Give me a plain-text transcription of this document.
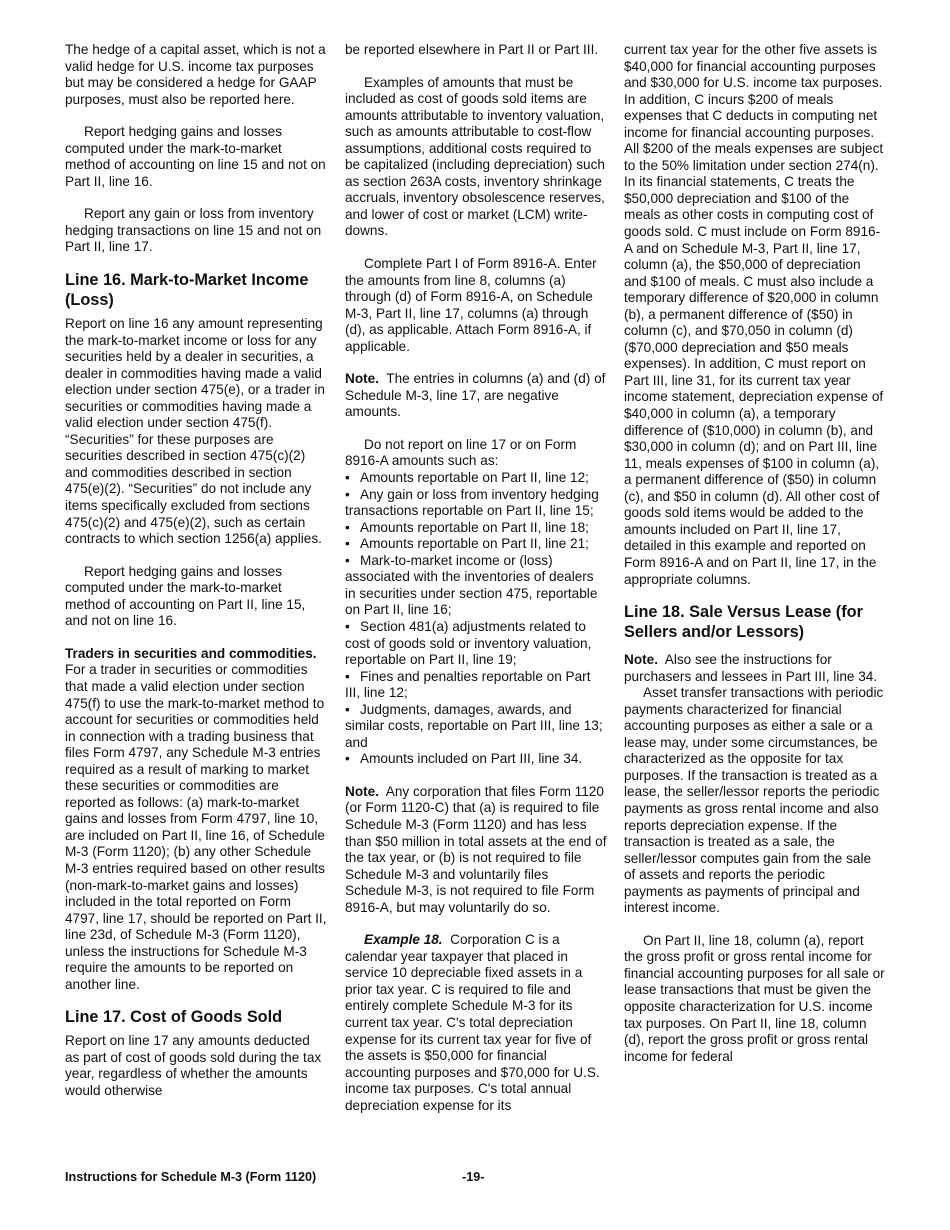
The hedge of a capital asset, which is not a valid hedge for U.S. income tax purposes but may be considered a hedge for GAAP purposes, must also be reported here.

Report hedging gains and losses computed under the mark-to-market method of accounting on line 15 and not on Part II, line 16.

Report any gain or loss from inventory hedging transactions on line 15 and not on Part II, line 17.

Line 16. Mark-to-Market Income (Loss)

Report on line 16 any amount representing the mark-to-market income or loss for any securities held by a dealer in securities, a dealer in commodities having made a valid election under section 475(e), or a trader in securities or commodities having made a valid election under section 475(f). “Securities” for these purposes are securities described in section 475(c)(2) and commodities described in section 475(e)(2). “Securities” do not include any items specifically excluded from sections 475(c)(2) and 475(e)(2), such as certain contracts to which section 1256(a) applies.

Report hedging gains and losses computed under the mark-to-market method of accounting on Part II, line 15, and not on line 16.

Traders in securities and commodities.  For a trader in securities or commodities that made a valid election under section 475(f) to use the mark-to-market method to account for securities or commodities held in connection with a trading business that files Form 4797, any Schedule M-3 entries required as a result of marking to market these securities or commodities are reported as follows: (a) mark-to-market gains and losses from Form 4797, line 10, are included on Part II, line 16, of Schedule M-3 (Form 1120); (b) any other Schedule M-3 entries required based on other results (non-mark-to-market gains and losses) included in the total reported on Form 4797, line 17, should be reported on Part II, line 23d, of Schedule M-3 (Form 1120), unless the instructions for Schedule M-3 require the amounts to be reported on another line.

Line 17. Cost of Goods Sold

Report on line 17 any amounts deducted as part of cost of goods sold during the tax year, regardless of whether the amounts would otherwise

be reported elsewhere in Part II or Part III.

Examples of amounts that must be included as cost of goods sold items are amounts attributable to inventory valuation, such as amounts attributable to cost-flow assumptions, additional costs required to be capitalized (including depreciation) such as section 263A costs, inventory shrinkage accruals, inventory obsolescence reserves, and lower of cost or market (LCM) write-downs.

Complete Part I of Form 8916-A. Enter the amounts from line 8, columns (a) through (d) of Form 8916-A, on Schedule M-3, Part II, line 17, columns (a) through (d), as applicable. Attach Form 8916-A, if applicable.

Note. The entries in columns (a) and (d) of Schedule M-3, line 17, are negative amounts.

Do not report on line 17 or on Form 8916-A amounts such as:

• Amounts reportable on Part II, line 12;
• Any gain or loss from inventory hedging transactions reportable on Part II, line 15;
• Amounts reportable on Part II, line 18;
• Amounts reportable on Part II, line 21;
• Mark-to-market income or (loss) associated with the inventories of dealers in securities under section 475, reportable on Part II, line 16;
• Section 481(a) adjustments related to cost of goods sold or inventory valuation, reportable on Part II, line 19;
• Fines and penalties reportable on Part III, line 12;
• Judgments, damages, awards, and similar costs, reportable on Part III, line 13; and
• Amounts included on Part III, line 34.

Note. Any corporation that files Form 1120 (or Form 1120-C) that (a) is required to file Schedule M-3 (Form 1120) and has less than $50 million in total assets at the end of the tax year, or (b) is not required to file Schedule M-3 and voluntarily files Schedule M-3, is not required to file Form 8916-A, but may voluntarily do so.

Example 18. Corporation C is a calendar year taxpayer that placed in service 10 depreciable fixed assets in a prior tax year. C is required to file and entirely complete Schedule M-3 for its current tax year. C's total depreciation expense for its current tax year for five of the assets is $50,000 for financial accounting purposes and $70,000 for U.S. income tax purposes. C's total annual depreciation expense for its

current tax year for the other five assets is $40,000 for financial accounting purposes and $30,000 for U.S. income tax purposes. In addition, C incurs $200 of meals expenses that C deducts in computing net income for financial accounting purposes. All $200 of the meals expenses are subject to the 50% limitation under section 274(n). In its financial statements, C treats the $50,000 depreciation and $100 of the meals as other costs in computing cost of goods sold. C must include on Form 8916-A and on Schedule M-3, Part II, line 17, column (a), the $50,000 of depreciation and $100 of meals. C must also include a temporary difference of $20,000 in column (b), a permanent difference of ($50) in column (c), and $70,050 in column (d) ($70,000 depreciation and $50 meals expenses). In addition, C must report on Part III, line 31, for its current tax year income statement, depreciation expense of $40,000 in column (a), a temporary difference of ($10,000) in column (b), and $30,000 in column (d); and on Part III, line 11, meals expenses of $100 in column (a), a permanent difference of ($50) in column (c), and $50 in column (d). All other cost of goods sold items would be added to the amounts included on Part II, line 17, detailed in this example and reported on Form 8916-A and on Part II, line 17, in the appropriate columns.

Line 18. Sale Versus Lease (for Sellers and/or Lessors)

Note. Also see the instructions for purchasers and lessees in Part III, line 34.

Asset transfer transactions with periodic payments characterized for financial accounting purposes as either a sale or a lease may, under some circumstances, be characterized as the opposite for tax purposes. If the transaction is treated as a lease, the seller/lessor reports the periodic payments as gross rental income and also reports depreciation expense. If the transaction is treated as a sale, the seller/lessor computes gain from the sale of assets and reports the periodic payments as payments of principal and interest income.

On Part II, line 18, column (a), report the gross profit or gross rental income for financial accounting purposes for all sale or lease transactions that must be given the opposite characterization for U.S. income tax purposes. On Part II, line 18, column (d), report the gross profit or gross rental income for federal

Instructions for Schedule M-3 (Form 1120)	-19-
